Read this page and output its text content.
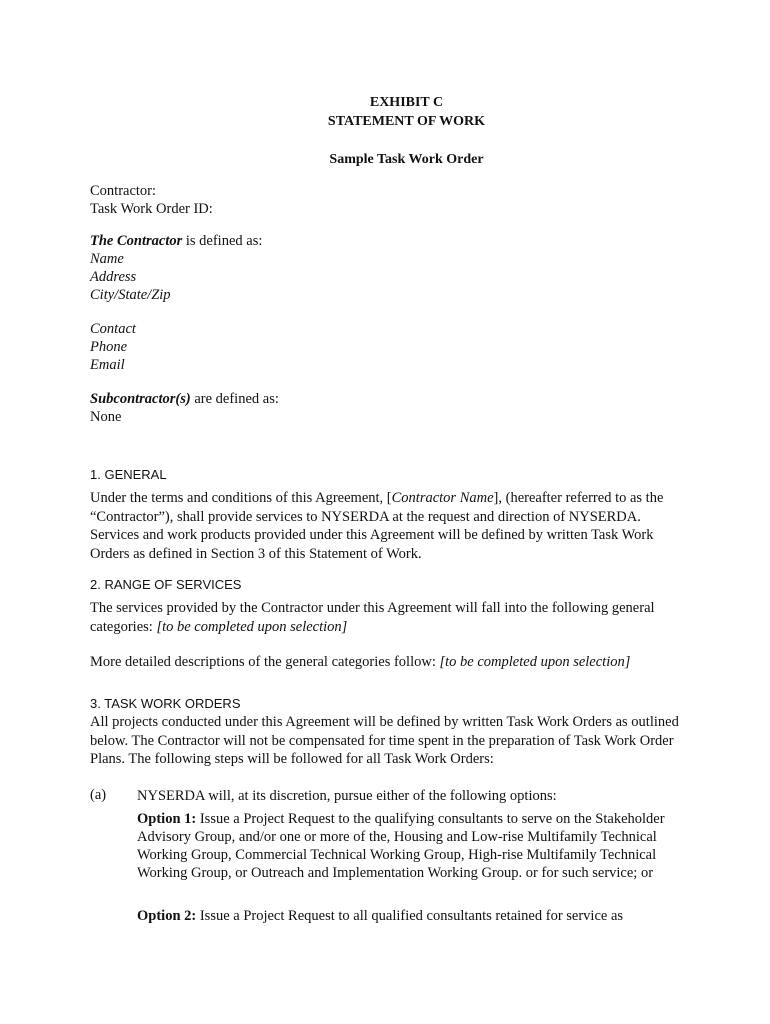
EXHIBIT C
STATEMENT OF WORK
Sample Task Work Order
Contractor:
Task Work Order ID:
The Contractor is defined as:
Name
Address
City/State/Zip
Contact
Phone
Email
Subcontractor(s) are defined as:
None
1. GENERAL
Under the terms and conditions of this Agreement, [Contractor Name], (hereafter referred to as the “Contractor”), shall provide services to NYSERDA at the request and direction of NYSERDA. Services and work products provided under this Agreement will be defined by written Task Work Orders as defined in Section 3 of this Statement of Work.
2. RANGE OF SERVICES
The services provided by the Contractor under this Agreement will fall into the following general categories: [to be completed upon selection]
More detailed descriptions of the general categories follow: [to be completed upon selection]
3. TASK WORK ORDERS
All projects conducted under this Agreement will be defined by written Task Work Orders as outlined below. The Contractor will not be compensated for time spent in the preparation of Task Work Order Plans. The following steps will be followed for all Task Work Orders:
(a) NYSERDA will, at its discretion, pursue either of the following options:
Option 1: Issue a Project Request to the qualifying consultants to serve on the Stakeholder Advisory Group, and/or one or more of the, Housing and Low-rise Multifamily Technical Working Group, Commercial Technical Working Group, High-rise Multifamily Technical Working Group, or Outreach and Implementation Working Group. or for such service; or
Option 2: Issue a Project Request to all qualified consultants retained for service as
